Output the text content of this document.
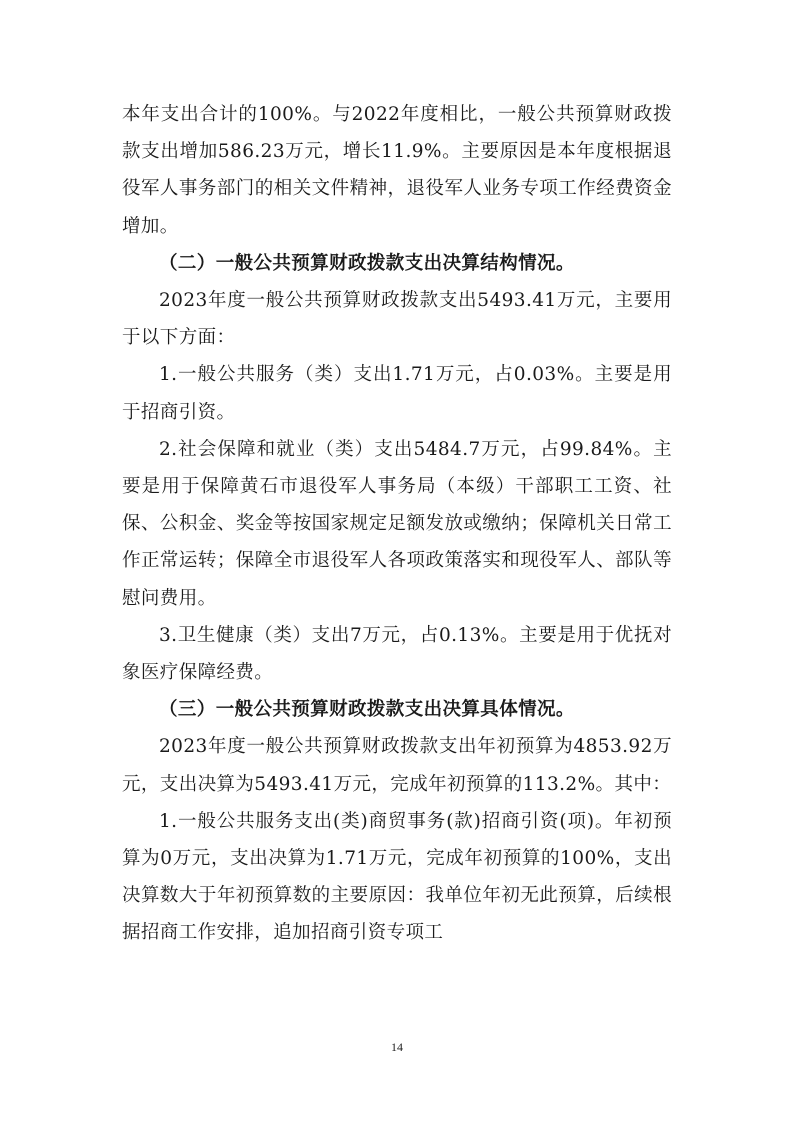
本年支出合计的100%。与2022年度相比，一般公共预算财政拨款支出增加586.23万元，增长11.9%。主要原因是本年度根据退役军人事务部门的相关文件精神，退役军人业务专项工作经费资金增加。

（二）一般公共预算财政拨款支出决算结构情况。

2023年度一般公共预算财政拨款支出5493.41万元，主要用于以下方面：

1.一般公共服务（类）支出1.71万元，占0.03%。主要是用于招商引资。

2.社会保障和就业（类）支出5484.7万元，占99.84%。主要是用于保障黄石市退役军人事务局（本级）干部职工工资、社保、公积金、奖金等按国家规定足额发放或缴纳；保障机关日常工作正常运转；保障全市退役军人各项政策落实和现役军人、部队等慰问费用。

3.卫生健康（类）支出7万元，占0.13%。主要是用于优抚对象医疗保障经费。

（三）一般公共预算财政拨款支出决算具体情况。

2023年度一般公共预算财政拨款支出年初预算为4853.92万元，支出决算为5493.41万元，完成年初预算的113.2%。其中：

1.一般公共服务支出(类)商贸事务(款)招商引资(项)。年初预算为0万元，支出决算为1.71万元，完成年初预算的100%，支出决算数大于年初预算数的主要原因：我单位年初无此预算，后续根据招商工作安排，追加招商引资专项工

14
